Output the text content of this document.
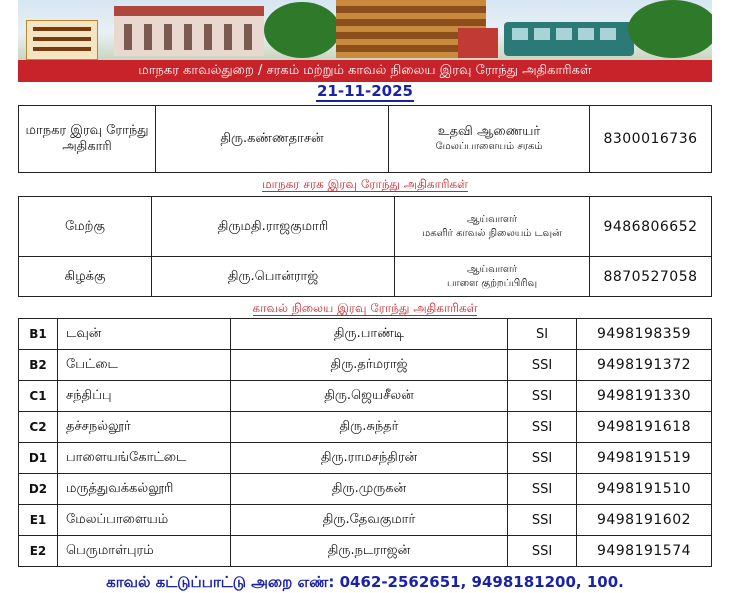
மாநகர காவல்துறை / சரகம் மற்றும் காவல் நிலைய இரவு ரோந்து அதிகாரிகள்
21-11-2025
மாநகர இரவு ரோந்து அதிகாரி	திரு.கண்ணதாசன்	உதவி ஆணையர்
மேலப்பாளையம் சரகம்	8300016736
மாநகர சரக இரவு ரோந்து அதிகாரிகள்
மேற்கு	திருமதி.ராஜகுமாரி	ஆய்வாளர்
மகளிர் காவல் நிலையம் டவுன்	9486806652
கிழக்கு	திரு.பொன்ராஜ்	ஆய்வாளர்
பாளை குற்றப்பிரிவு	8870527058
காவல் நிலைய இரவு ரோந்து அதிகாரிகள்
B1	டவுன்	திரு.பாண்டி	SI	9498198359
B2	பேட்டை	திரு.தர்மராஜ்	SSI	9498191372
C1	சந்திப்பு	திரு.ஜெயசீலன்	SSI	9498191330
C2	தச்சநல்லூர்	திரு.சுந்தர்	SSI	9498191618
D1	பாளையங்கோட்டை	திரு.ராமசந்திரன்	SSI	9498191519
D2	மருத்துவக்கல்லூரி	திரு.முருகன்	SSI	9498191510
E1	மேலப்பாளையம்	திரு.தேவகுமார்	SSI	9498191602
E2	பெருமாள்புரம்	திரு.நடராஜன்	SSI	9498191574
காவல் கட்டுப்பாட்டு அறை எண்: 0462-2562651, 9498181200, 100.
